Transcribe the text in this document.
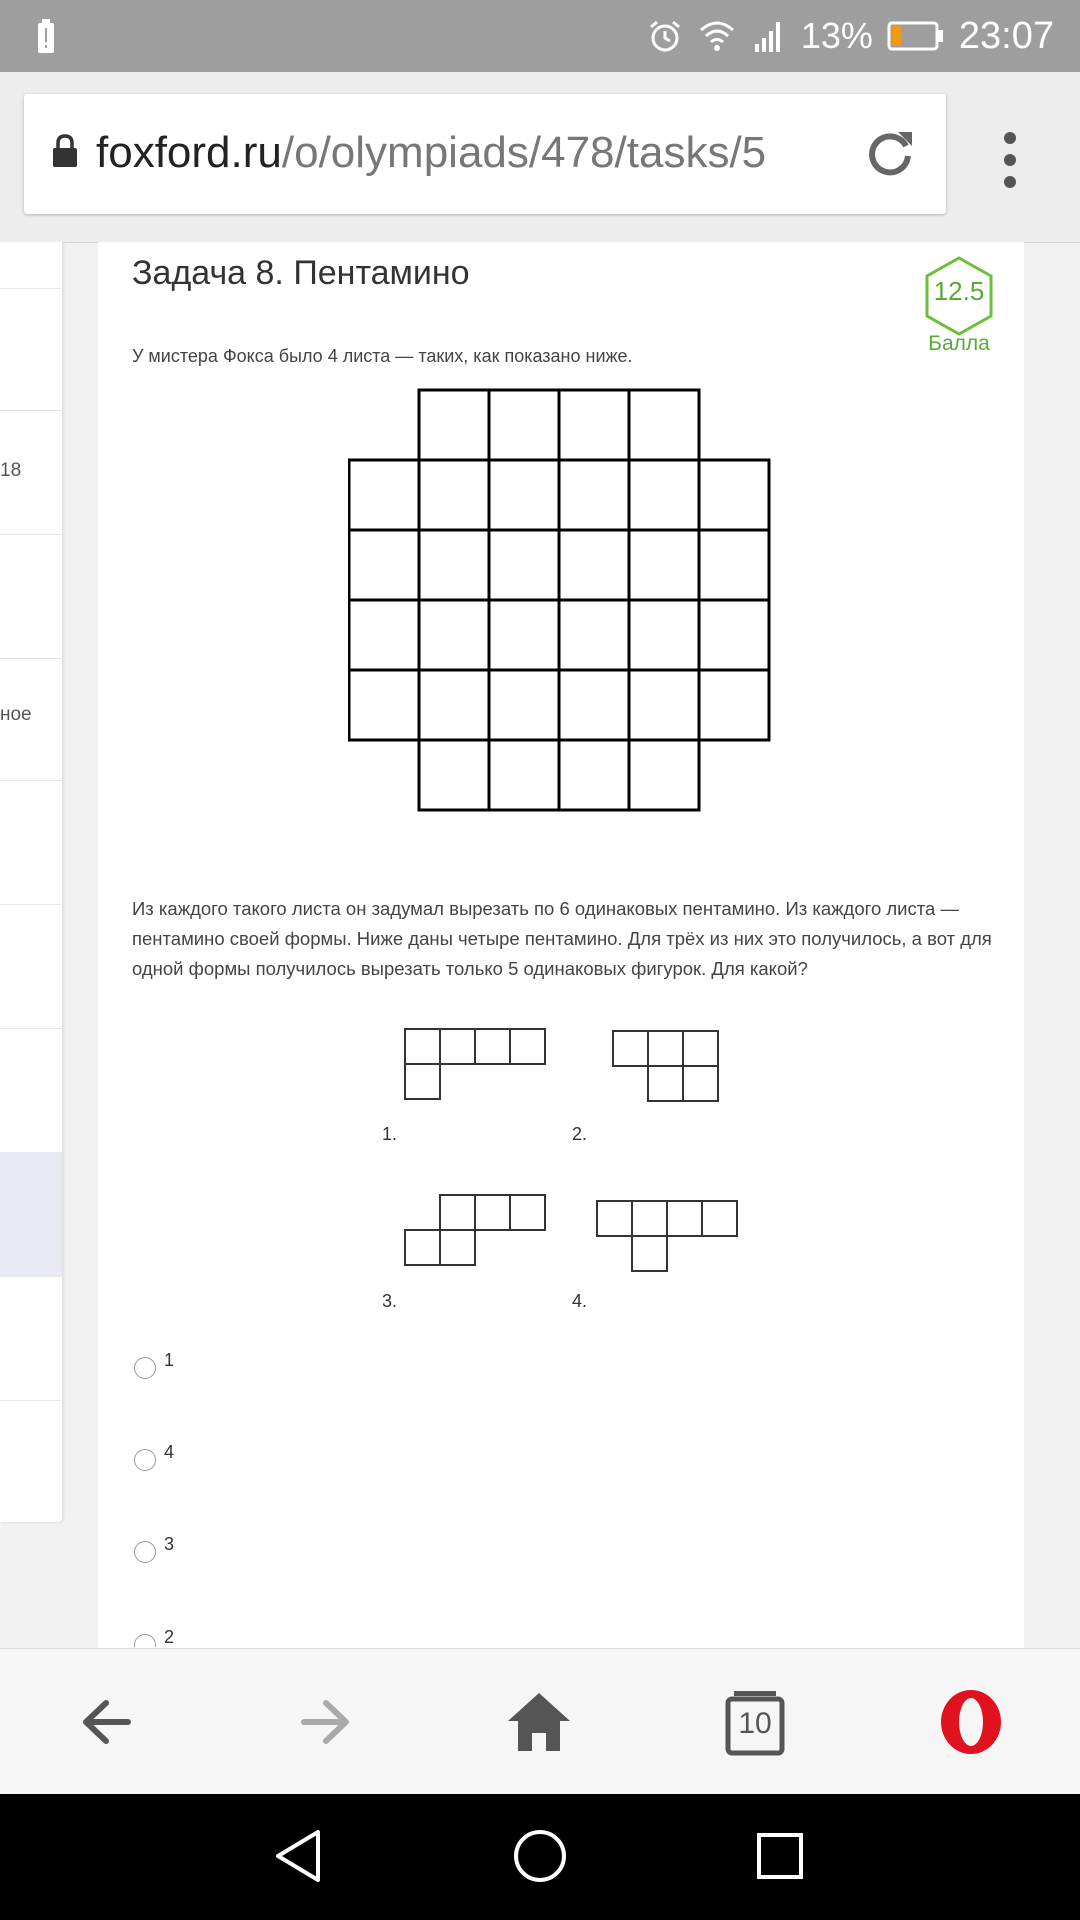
13% 23:07
foxford.ru/o/olympiads/478/tasks/5
18
ное
Задача 8. Пентамино	12.5
Балла
У мистера Фокса было 4 листа — таких, как показано ниже.
Из каждого такого листа он задумал вырезать по 6 одинаковых пентамино. Из каждого листа — пентамино своей формы. Ниже даны четыре пентамино. Для трёх из них это получилось, а вот для одной формы получилось вырезать только 5 одинаковых фигурок. Для какой?
1.	2.
3.	4.
1
4
3
2
10
